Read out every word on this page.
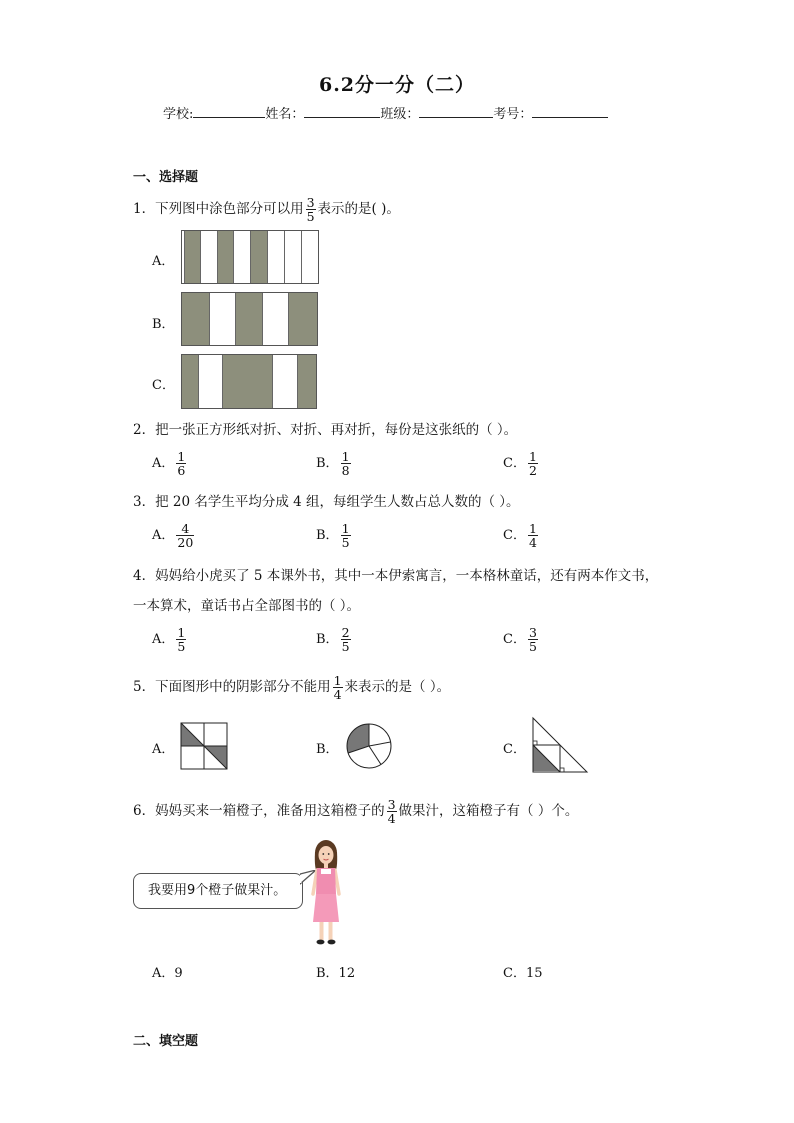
6.2分一分（二）
学校:	姓名：	班级：	考号：
一、选择题
1．下列图中涂色部分可以用 $\frac{3}{5}$ 表示的是( )。
A．
B．
C．
2．把一张正方形纸对折、对折、再对折，每份是这张纸的（ ）。
A． $\frac{1}{6}$	B． $\frac{1}{8}$	C． $\frac{1}{2}$
3．把 20 名学生平均分成 4 组，每组学生人数占总人数的（ ）。
A． $\frac{4}{20}$	B． $\frac{1}{5}$	C． $\frac{1}{4}$
4．妈妈给小虎买了 5 本课外书，其中一本伊索寓言，一本格林童话，还有两本作文书，
一本算术，童话书占全部图书的（ ）。
A． $\frac{1}{5}$	B． $\frac{2}{5}$	C． $\frac{3}{5}$
5．下面图形中的阴影部分不能用 $\frac{1}{4}$ 来表示的是（ ）。
A．	B．	C．
6．妈妈买来一箱橙子，准备用这箱橙子的 $\frac{3}{4}$ 做果汁，这箱橙子有（ ）个。
我要用9个橙子做果汁。
A．9	B．12	C．15
二、填空题
